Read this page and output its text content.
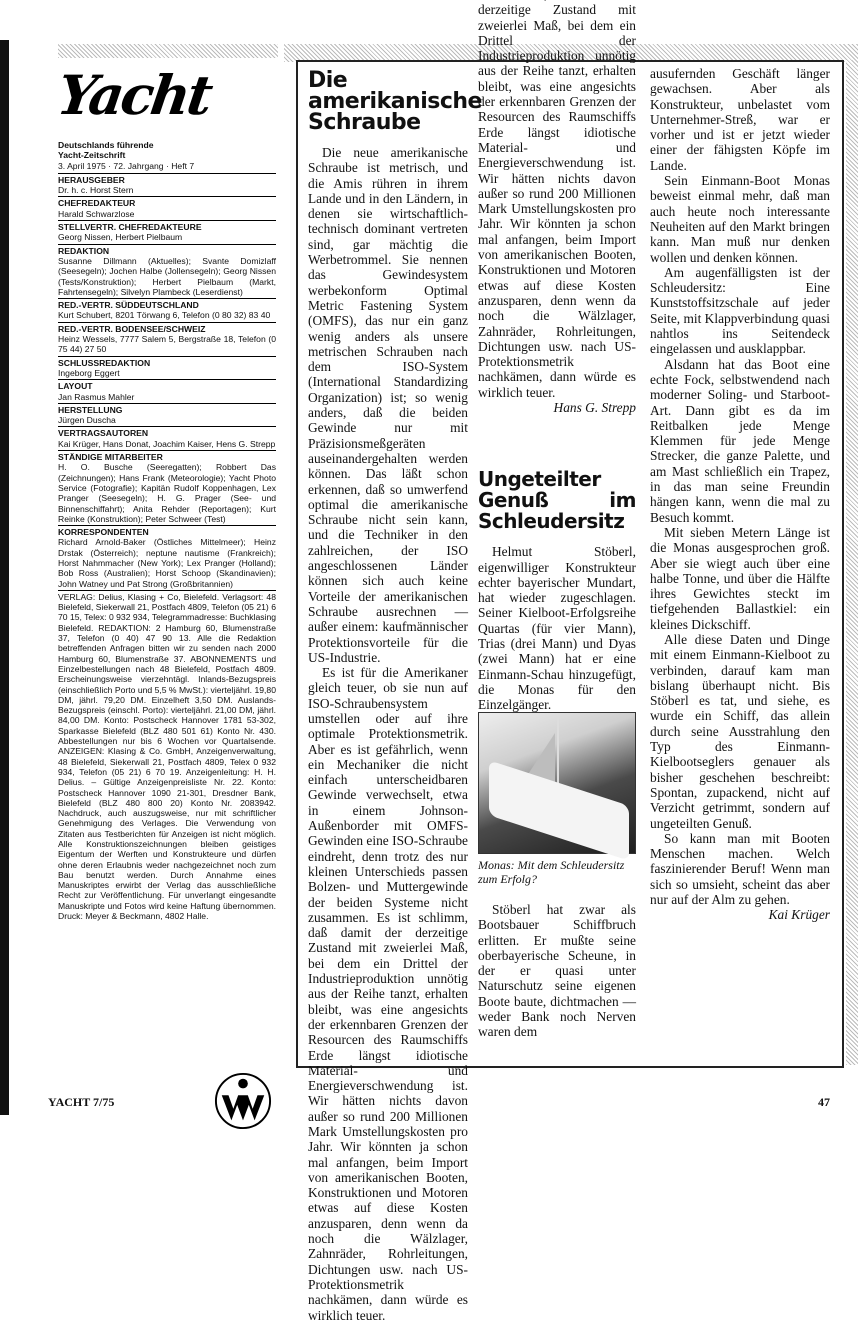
Yacht
Deutschlands führende
Yacht-Zeitschrift
3. April 1975 · 72. Jahrgang · Heft 7
HERAUSGEBER
Dr. h. c. Horst Stern
CHEFREDAKTEUR
Harald Schwarzlose
STELLVERTR. CHEFREDAKTEURE
Georg Nissen, Herbert Pielbaum
REDAKTION
Susanne Dillmann (Aktuelles); Svante Domizlaff (Seesegeln); Jochen Halbe (Jollensegeln); Georg Nissen (Tests/Konstruktion); Herbert Pielbaum (Markt, Fahrtensegeln); Silvelyn Plambeck (Leserdienst)
RED.-VERTR. SÜDDEUTSCHLAND
Kurt Schubert, 8201 Törwang 6, Telefon (0 80 32) 83 40
RED.-VERTR. BODENSEE/SCHWEIZ
Heinz Wessels, 7777 Salem 5, Bergstraße 18, Telefon (0 75 44) 27 50
SCHLUSSREDAKTION
Ingeborg Eggert
LAYOUT
Jan Rasmus Mahler
HERSTELLUNG
Jürgen Duscha
VERTRAGSAUTOREN
Kai Krüger, Hans Donat, Joachim Kaiser, Hens G. Strepp
STÄNDIGE MITARBEITER
H. O. Busche (Seeregatten); Robbert Das (Zeichnungen); Hans Frank (Meteorologie); Yacht Photo Service (Fotografie); Kapitän Rudolf Koppenhagen, Lex Pranger (Seesegeln); H. G. Prager (See- und Binnenschiffahrt); Anita Rehder (Reportagen); Kurt Reinke (Konstruktion); Peter Schweer (Test)
KORRESPONDENTEN
Richard Arnold-Baker (Östliches Mittelmeer); Heinz Drstak (Österreich); neptune nautisme (Frankreich); Horst Nahmmacher (New York); Lex Pranger (Holland); Bob Ross (Australien); Horst Schoop (Skandinavien); John Watney und Pat Strong (Großbritannien)
VERLAG: Delius, Klasing + Co, Bielefeld. Verlagsort: 48 Bielefeld, Siekerwall 21, Postfach 4809, Telefon (05 21) 6 70 15, Telex: 0 932 934, Telegrammadresse: Buchklasing Bielefeld. REDAKTION: 2 Hamburg 60, Blumenstraße 37, Telefon (0 40) 47 90 13. Alle die Redaktion betreffenden Anfragen bitten wir zu senden nach 2000 Hamburg 60, Blumenstraße 37. ABONNEMENTS und Einzelbestellungen nach 48 Bielefeld, Postfach 4809. Erscheinungsweise vierzehntägl. Inlands-Bezugspreis (einschließlich Porto und 5,5 % MwSt.): vierteljährl. 19,80 DM, jährl. 79,20 DM. Einzelheft 3,50 DM. Auslands-Bezugspreis (einschl. Porto): vierteljährl. 21,00 DM, jährl. 84,00 DM. Konto: Postscheck Hannover 1781 53-302, Sparkasse Bielefeld (BLZ 480 501 61) Konto Nr. 430. Abbestellungen nur bis 6 Wochen vor Quartalsende. ANZEIGEN: Klasing & Co. GmbH, Anzeigenverwaltung, 48 Bielefeld, Siekerwall 21, Postfach 4809, Telex 0 932 934, Telefon (05 21) 6 70 19. Anzeigenleitung: H. H. Delius. – Gültige Anzeigenpreisliste Nr. 22. Konto: Postscheck Hannover 1090 21-301, Dresdner Bank, Bielefeld (BLZ 480 800 20) Konto Nr. 2083942. Nachdruck, auch auszugsweise, nur mit schriftlicher Genehmigung des Verlages. Die Verwendung von Zitaten aus Testberichten für Anzeigen ist nicht möglich. Alle Konstruktionszeichnungen bleiben geistiges Eigentum der Werften und Konstrukteure und dürfen ohne deren Erlaubnis weder nachgezeichnet noch zum Bau benutzt werden. Durch Annahme eines Manuskriptes erwirbt der Verlag das ausschließliche Recht zur Veröffentlichung. Für unverlangt eingesandte Manuskripte und Fotos wird keine Haftung übernommen. Druck: Meyer & Beckmann, 4802 Halle.
Die amerikanische Schraube

Die neue amerikanische Schraube ist metrisch, und die Amis rühren in ihrem Lande und in den Ländern, in denen sie wirtschaftlich-technisch dominant vertreten sind, gar mächtig die Werbetrommel. Sie nennen das Gewindesystem werbekonform Optimal Metric Fastening System (OMFS), das nur ein ganz wenig anders als unsere metrischen Schrauben nach dem ISO-System (International Standardizing Organization) ist; so wenig anders, daß die beiden Gewinde nur mit Präzisionsmeßgeräten auseinandergehalten werden können. Das läßt schon erkennen, daß so umwerfend optimal die amerikanische Schraube nicht sein kann, und die Techniker in den zahlreichen, der ISO angeschlossenen Länder können sich auch keine Vorteile der amerikanischen Schraube ausrechnen — außer einem: kaufmännischer Protektionsvorteile für die US-Industrie.

Es ist für die Amerikaner gleich teuer, ob sie nun auf ISO-Schraubensystem umstellen oder auf ihre optimale Protektionsmetrik. Aber es ist gefährlich, wenn ein Mechaniker die nicht einfach unterscheidbaren Gewinde verwechselt, etwa in einem Johnson-Außenborder mit OMFS-Gewinden eine ISO-Schraube eindreht, denn trotz des nur kleinen Unterschieds passen Bolzen- und Muttergewinde der beiden Systeme nicht zusammen. Es ist schlimm, daß damit der derzeitige Zustand mit zweierlei Maß, bei dem ein Drittel der Industrieproduktion unnötig aus der Reihe tanzt, erhalten bleibt, was eine angesichts der erkennbaren Grenzen der Resourcen des Raumschiffs Erde längst idiotische Material- und Energieverschwendung ist. Wir hätten nichts davon außer so rund 200 Millionen Mark Umstellungskosten pro Jahr. Wir könnten ja schon mal anfangen, beim Import von amerikanischen Booten, Konstruktionen und Motoren etwas auf diese Kosten anzusparen, denn wenn da noch die Wälzlager, Zahnräder, Rohrleitungen, Dichtungen usw. nach US-Protektionsmetrik nachkämen, dann würde es wirklich teuer.

derzeitige Zustand mit zweierlei Maß, bei dem ein Drittel der Industrieproduktion unnötig aus der Reihe tanzt, erhalten bleibt, was eine angesichts der erkennbaren Grenzen der Resourcen des Raumschiffs Erde längst idiotische Material- und Energieverschwendung ist. Wir hätten nichts davon außer so rund 200 Millionen Mark Umstellungskosten pro Jahr. Wir könnten ja schon mal anfangen, beim Import von amerikanischen Booten, Konstruktionen und Motoren etwas auf diese Kosten anzusparen, denn wenn da noch die Wälzlager, Zahnräder, Rohrleitungen, Dichtungen usw. nach US-Protektionsmetrik nachkämen, dann würde es wirklich teuer.

Hans G. Strepp
Ungeteilter Genuß im Schleudersitz

Helmut Stöberl, eigenwilliger Konstrukteur echter bayerischer Mundart, hat wieder zugeschlagen. Seiner Kielboot-Erfolgsreihe Quartas (für vier Mann), Trias (drei Mann) und Dyas (zwei Mann) hat er eine Einmann-Schau hinzugefügt, die Monas für den Einzelgänger.

Monas: Mit dem Schleudersitz zum Erfolg?

Stöberl hat zwar als Bootsbauer Schiffbruch erlitten. Er mußte seine oberbayerische Scheune, in der er quasi unter Naturschutz seine eigenen Boote baute, dichtmachen — weder Bank noch Nerven waren dem

ausufernden Geschäft länger gewachsen. Aber als Konstrukteur, unbelastet vom Unternehmer-Streß, war er vorher und ist er jetzt wieder einer der fähigsten Köpfe im Lande.

Sein Einmann-Boot Monas beweist einmal mehr, daß man auch heute noch interessante Neuheiten auf den Markt bringen kann. Man muß nur denken wollen und denken können.

Am augenfälligsten ist der Schleudersitz: Eine Kunststoffsitzschale auf jeder Seite, mit Klappverbindung quasi nahtlos ins Seitendeck eingelassen und ausklappbar.

Alsdann hat das Boot eine echte Fock, selbstwendend nach moderner Soling- und Starboot-Art. Dann gibt es da im Reitbalken jede Menge Klemmen für jede Menge Strecker, die ganze Palette, und am Mast schließlich ein Trapez, in das man seine Freundin hängen kann, wenn die mal zu Besuch kommt.

Mit sieben Metern Länge ist die Monas ausgesprochen groß. Aber sie wiegt auch über eine halbe Tonne, und über die Hälfte ihres Gewichtes steckt im tiefgehenden Ballastkiel: ein kleines Dickschiff.

Alle diese Daten und Dinge mit einem Einmann-Kielboot zu verbinden, darauf kam man bislang überhaupt nicht. Bis Stöberl es tat, und siehe, es wurde ein Schiff, das allein durch seine Ausstrahlung den Typ des Einmann-Kielbootseglers genauer als bisher geschehen beschreibt: Spontan, zupackend, nicht auf Verzicht getrimmt, sondern auf ungeteilten Genuß.

So kann man mit Booten Menschen machen. Welch faszinierender Beruf! Wenn man sich so umsieht, scheint das aber nur auf der Alm zu gehen.

Kai Krüger
YACHT 7/75	47
